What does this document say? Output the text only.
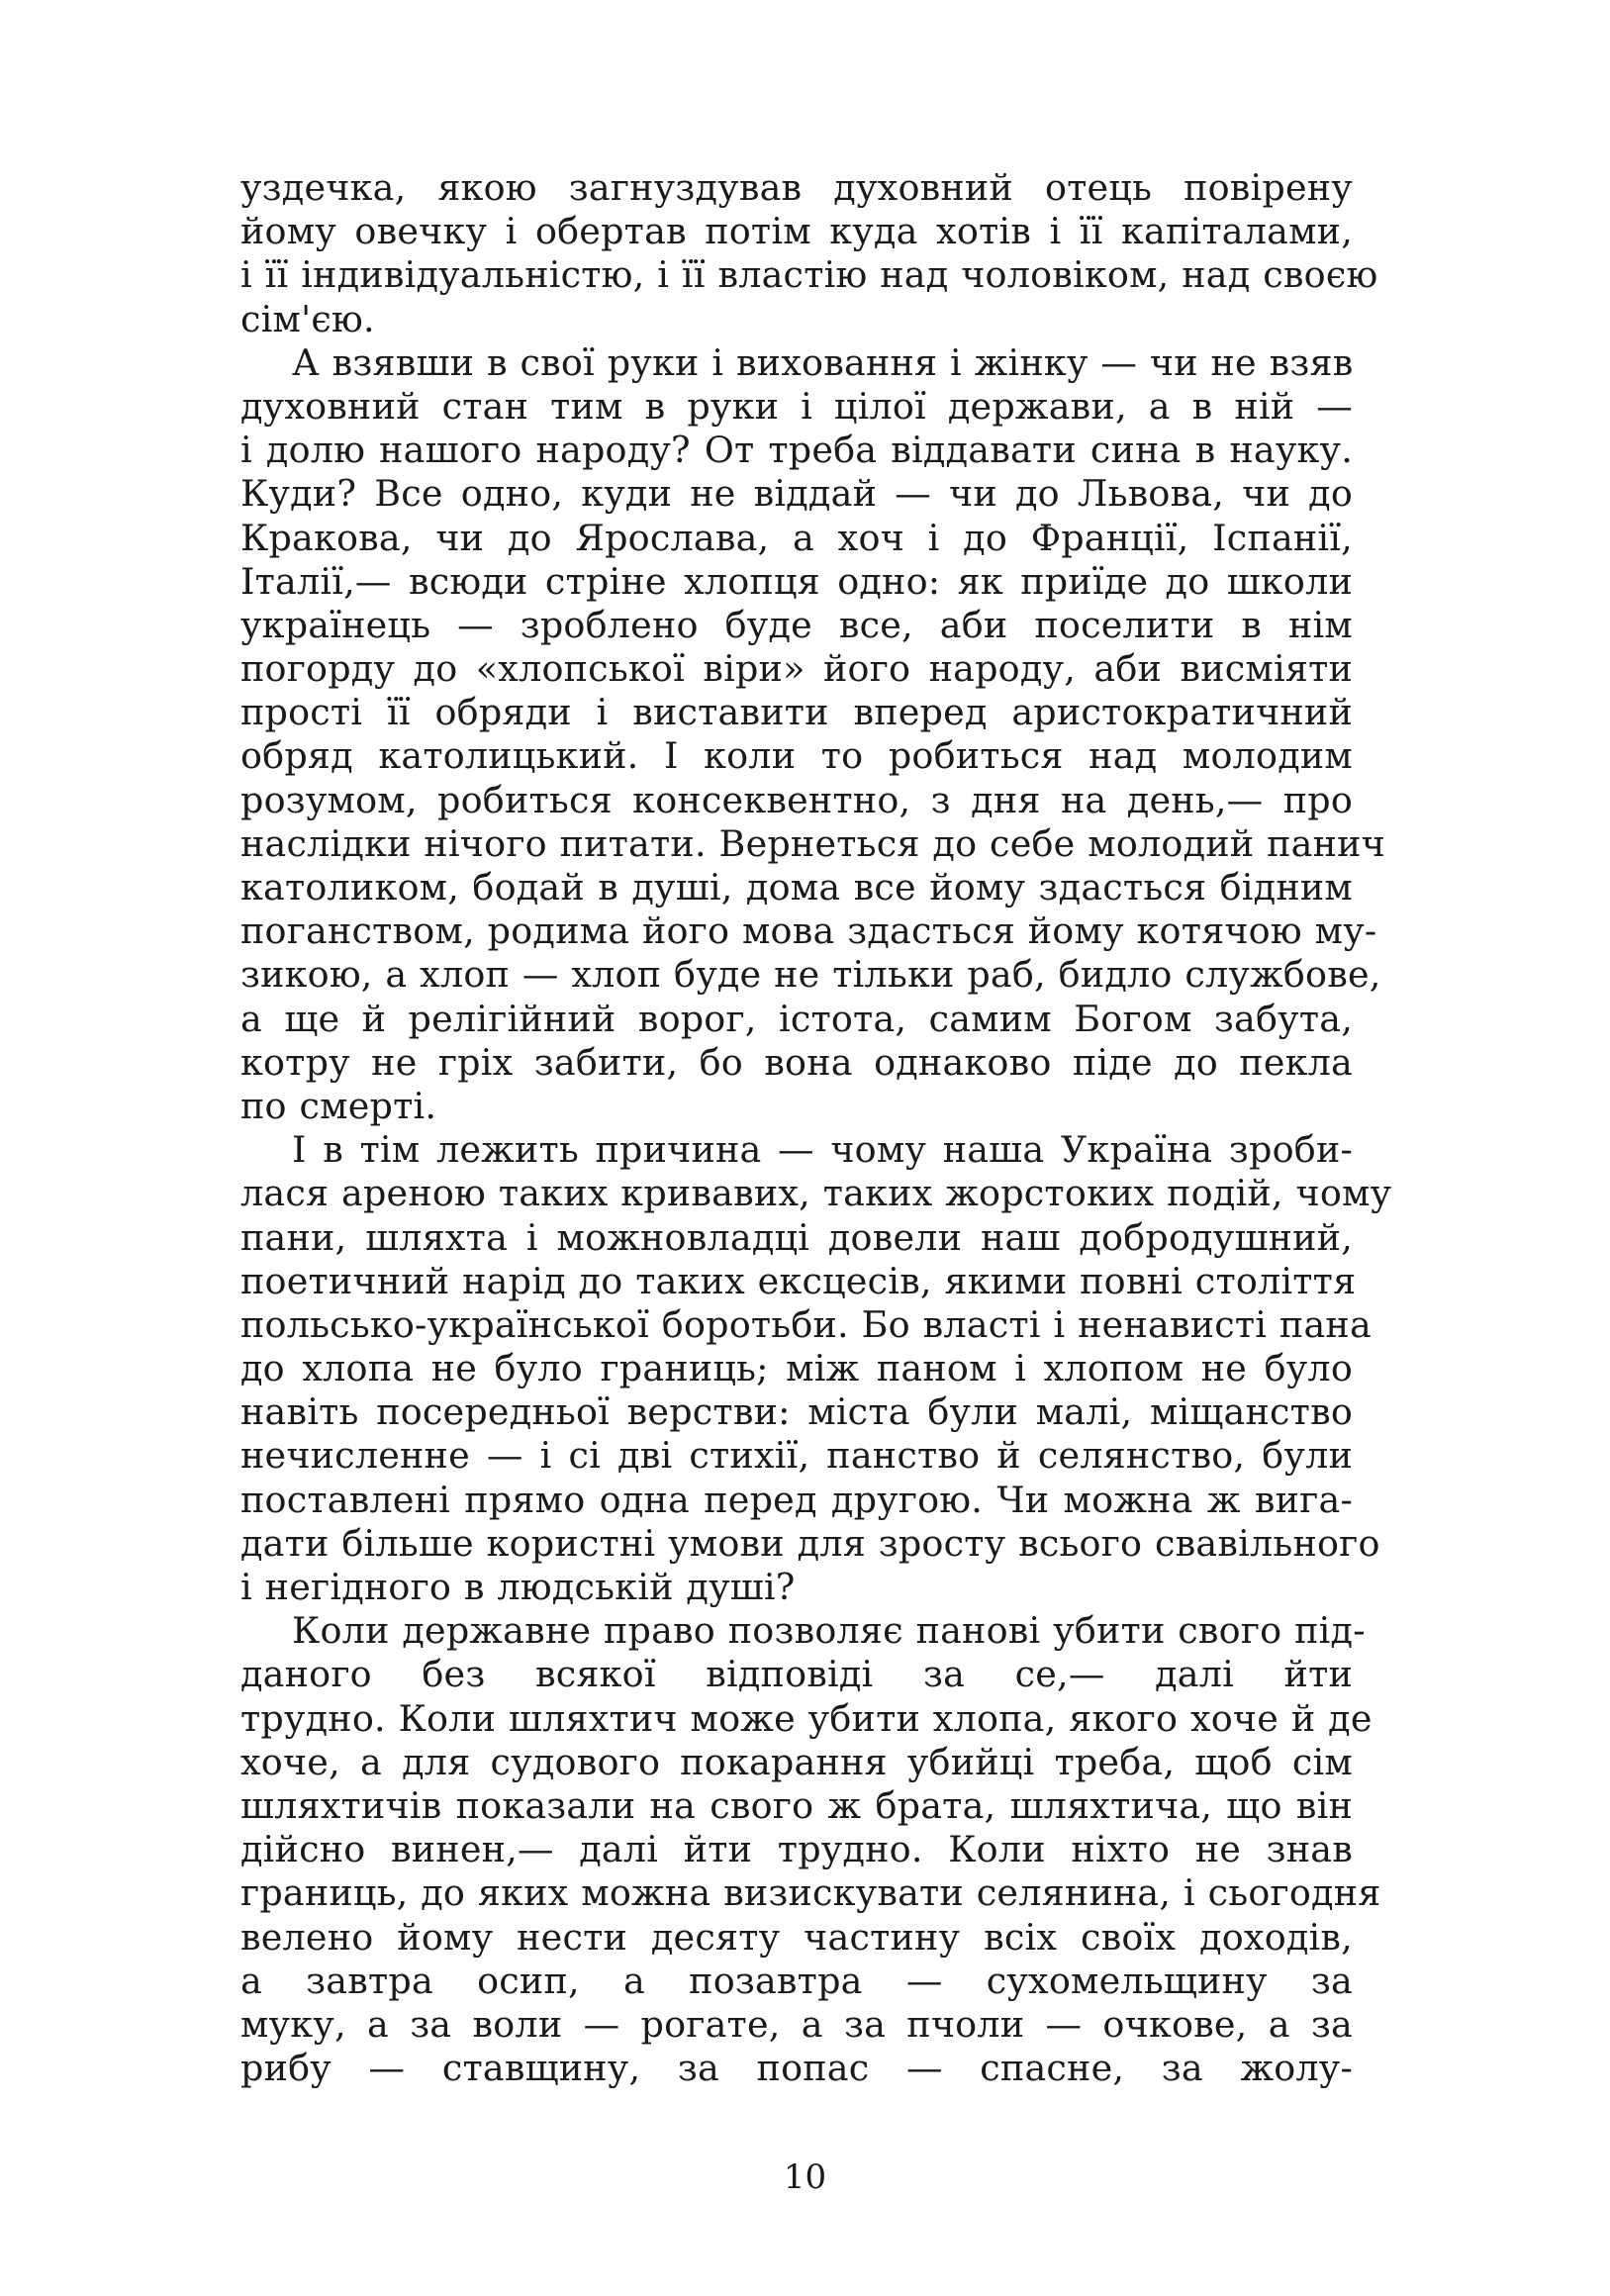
уздечка, якою загнуздував духовний отець повірену
йому овечку і обертав потім куда хотів і її капіталами,
і її індивідуальністю, і її властію над чоловіком, над своєю
сім'єю.
А взявши в свої руки і виховання і жінку — чи не взяв
духовний стан тим в руки і цілої держави, а в ній —
і долю нашого народу? От треба віддавати сина в науку.
Куди? Все одно, куди не віддай — чи до Львова, чи до
Кракова, чи до Ярослава, а хоч і до Франції, Іспанії,
Італії,— всюди стріне хлопця одно: як приїде до школи
українець — зроблено буде все, аби поселити в нім
погорду до «хлопської віри» його народу, аби висміяти
прості її обряди і виставити вперед аристократичний
обряд католицький. І коли то робиться над молодим
розумом, робиться консеквентно, з дня на день,— про
наслідки нічого питати. Вернеться до себе молодий панич
католиком, бодай в душі, дома все йому здасться бідним
поганством, родима його мова здасться йому котячою му-
зикою, а хлоп — хлоп буде не тільки раб, бидло службове,
а ще й релігійний ворог, істота, самим Богом забута,
котру не гріх забити, бо вона однаково піде до пекла
по смерті.
І в тім лежить причина — чому наша Україна зроби-
лася ареною таких кривавих, таких жорстоких подій, чому
пани, шляхта і можновладці довели наш добродушний,
поетичний нарід до таких ексцесів, якими повні століття
польсько-української боротьби. Бо власті і ненависті пана
до хлопа не було границь; між паном і хлопом не було
навіть посередньої верстви: міста були малі, міщанство
нечисленне — і сі дві стихії, панство й селянство, були
поставлені прямо одна перед другою. Чи можна ж вига-
дати більше користні умови для зросту всього свавільного
і негідного в людській душі?
Коли державне право позволяє панові убити свого під-
даного без всякої відповіді за се,— далі йти
трудно. Коли шляхтич може убити хлопа, якого хоче й де
хоче, а для судового покарання убийці треба, щоб сім
шляхтичів показали на свого ж брата, шляхтича, що він
дійсно винен,— далі йти трудно. Коли ніхто не знав
границь, до яких можна визискувати селянина, і сьогодня
велено йому нести десяту частину всіх своїх доходів,
а завтра осип, а позавтра — сухомельщину за
муку, а за воли — рогате, а за пчоли — очкове, а за
рибу — ставщину, за попас — спасне, за жолу-
10
